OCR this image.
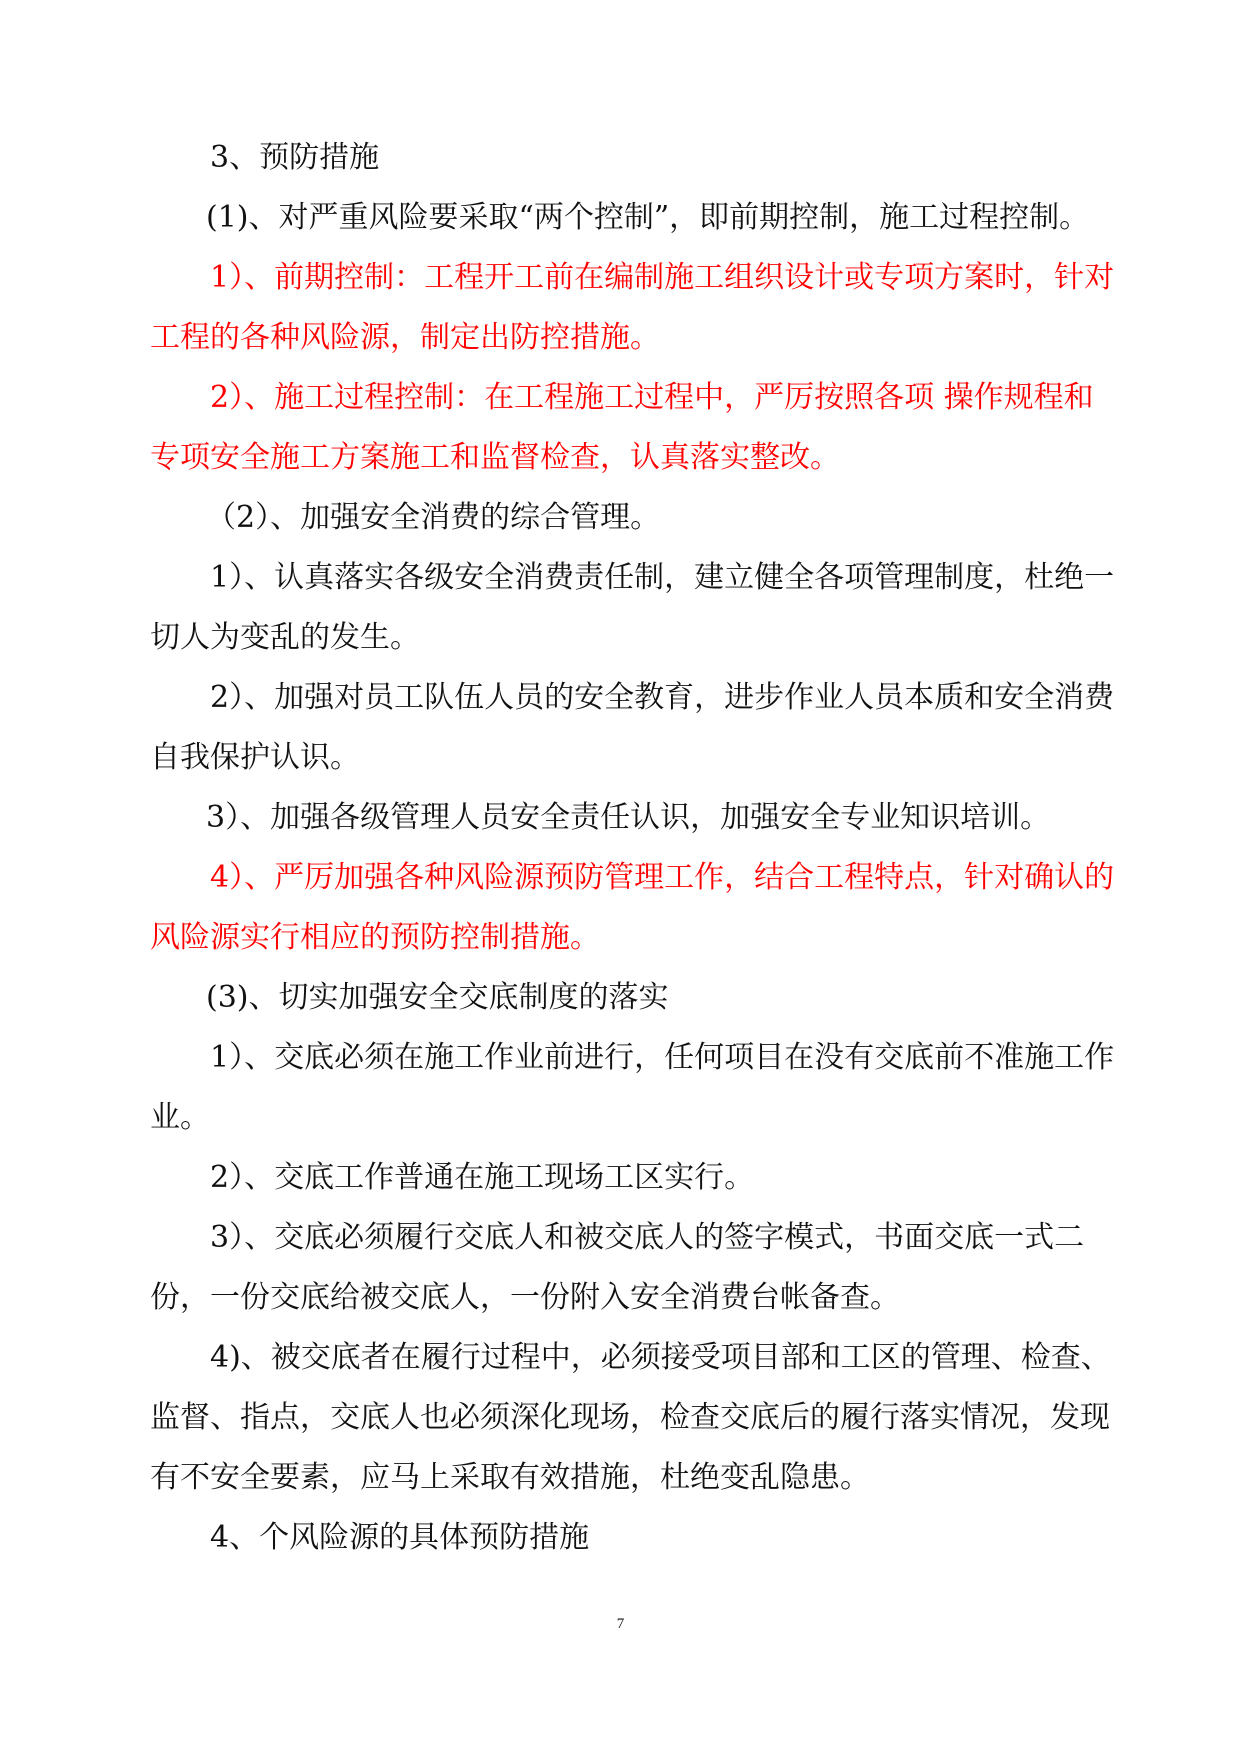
3、预防措施

(1)、对严重风险要采取“两个控制”，即前期控制，施工过程控制。

1）、前期控制：工程开工前在编制施工组织设计或专项方案时，针对工程的各种风险源，制定出防控措施。

2）、施工过程控制：在工程施工过程中，严厉按照各项 操作规程和专项安全施工方案施工和监督检查，认真落实整改。

（2）、加强安全消费的综合管理。

1）、认真落实各级安全消费责任制，建立健全各项管理制度，杜绝一切人为变乱的发生。

2）、加强对员工队伍人员的安全教育，进步作业人员本质和安全消费自我保护认识。

3）、加强各级管理人员安全责任认识，加强安全专业知识培训。

4）、严厉加强各种风险源预防管理工作，结合工程特点，针对确认的风险源实行相应的预防控制措施。

(3)、切实加强安全交底制度的落实

1）、交底必须在施工作业前进行，任何项目在没有交底前不准施工作业。

2）、交底工作普通在施工现场工区实行。

3）、交底必须履行交底人和被交底人的签字模式，书面交底一式二份，一份交底给被交底人，一份附入安全消费台帐备查。

4)、被交底者在履行过程中，必须接受项目部和工区的管理、检查、监督、指点，交底人也必须深化现场，检查交底后的履行落实情况，发现有不安全要素，应马上采取有效措施，杜绝变乱隐患。

4、个风险源的具体预防措施

7
